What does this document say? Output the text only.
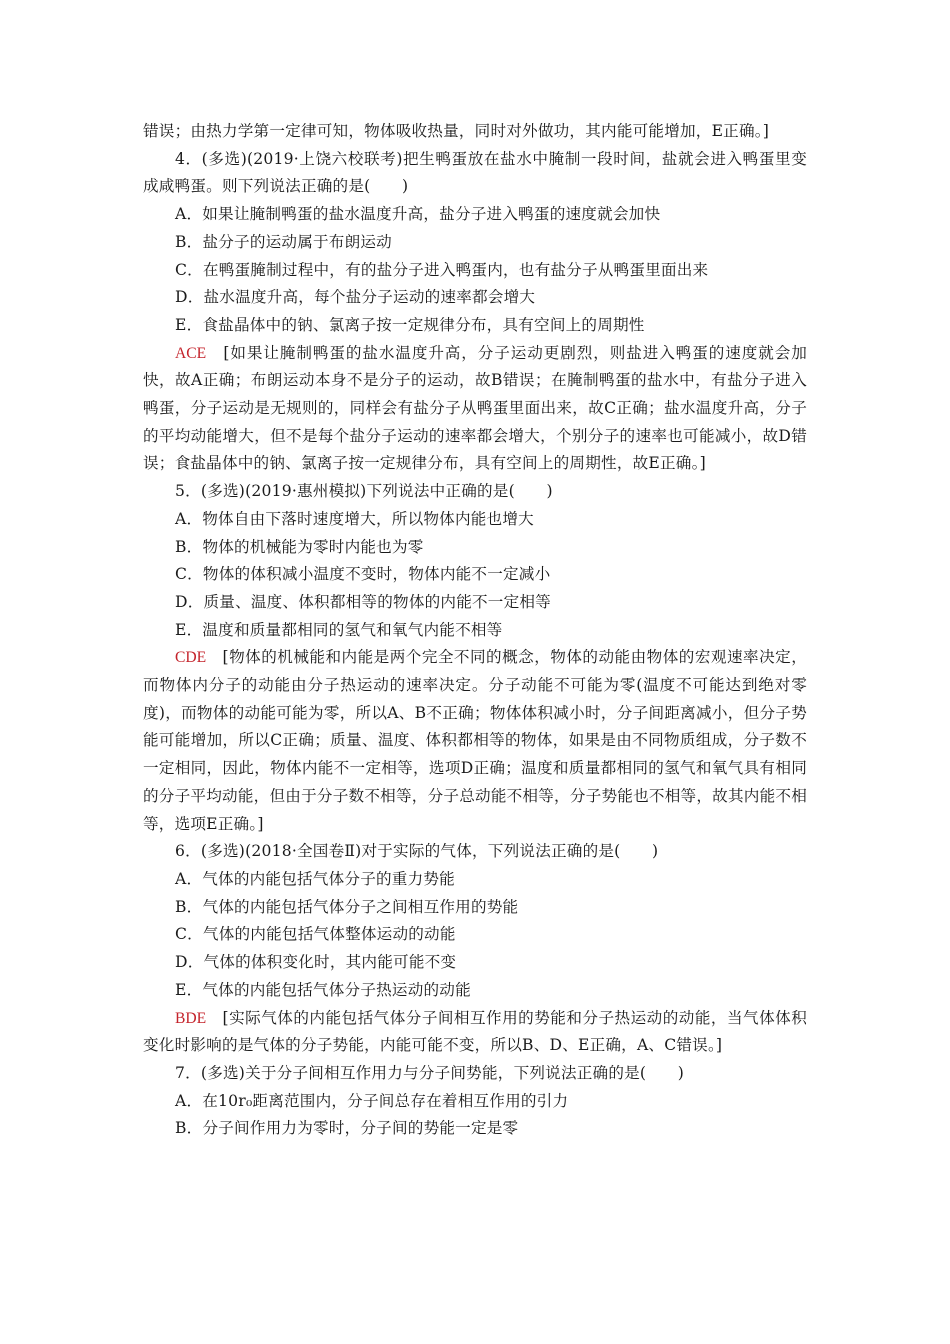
错误；由热力学第一定律可知，物体吸收热量，同时对外做功，其内能可能增加，E正确。]

4．(多选)(2019·上饶六校联考)把生鸭蛋放在盐水中腌制一段时间，盐就会进入鸭蛋里变成咸鸭蛋。则下列说法正确的是(　　)

A．如果让腌制鸭蛋的盐水温度升高，盐分子进入鸭蛋的速度就会加快

B．盐分子的运动属于布朗运动

C．在鸭蛋腌制过程中，有的盐分子进入鸭蛋内，也有盐分子从鸭蛋里面出来

D．盐水温度升高，每个盐分子运动的速率都会增大

E．食盐晶体中的钠、氯离子按一定规律分布，具有空间上的周期性

ACE　 [如果让腌制鸭蛋的盐水温度升高，分子运动更剧烈，则盐进入鸭蛋的速度就会加快，故A正确；布朗运动本身不是分子的运动，故B错误；在腌制鸭蛋的盐水中，有盐分子进入鸭蛋，分子运动是无规则的，同样会有盐分子从鸭蛋里面出来，故C正确；盐水温度升高，分子的平均动能增大，但不是每个盐分子运动的速率都会增大，个别分子的速率也可能减小，故D错误；食盐晶体中的钠、氯离子按一定规律分布，具有空间上的周期性，故E正确。]

5．(多选)(2019·惠州模拟)下列说法中正确的是(　　)

A．物体自由下落时速度增大，所以物体内能也增大

B．物体的机械能为零时内能也为零

C．物体的体积减小温度不变时，物体内能不一定减小

D．质量、温度、体积都相等的物体的内能不一定相等

E．温度和质量都相同的氢气和氧气内能不相等

CDE　 [物体的机械能和内能是两个完全不同的概念，物体的动能由物体的宏观速率决定，而物体内分子的动能由分子热运动的速率决定。分子动能不可能为零(温度不可能达到绝对零度)，而物体的动能可能为零，所以A、B不正确；物体体积减小时，分子间距离减小，但分子势能可能增加，所以C正确；质量、温度、体积都相等的物体，如果是由不同物质组成，分子数不一定相同，因此，物体内能不一定相等，选项D正确；温度和质量都相同的氢气和氧气具有相同的分子平均动能，但由于分子数不相等，分子总动能不相等，分子势能也不相等，故其内能不相等，选项E正确。]

6．(多选)(2018·全国卷Ⅱ)对于实际的气体，下列说法正确的是(　　)

A．气体的内能包括气体分子的重力势能

B．气体的内能包括气体分子之间相互作用的势能

C．气体的内能包括气体整体运动的动能

D．气体的体积变化时，其内能可能不变

E．气体的内能包括气体分子热运动的动能

BDE　 [实际气体的内能包括气体分子间相互作用的势能和分子热运动的动能，当气体体积变化时影响的是气体的分子势能，内能可能不变，所以B、D、E正确，A、C错误。]

7．(多选)关于分子间相互作用力与分子间势能，下列说法正确的是(　　)

A．在10r₀距离范围内，分子间总存在着相互作用的引力

B．分子间作用力为零时，分子间的势能一定是零
